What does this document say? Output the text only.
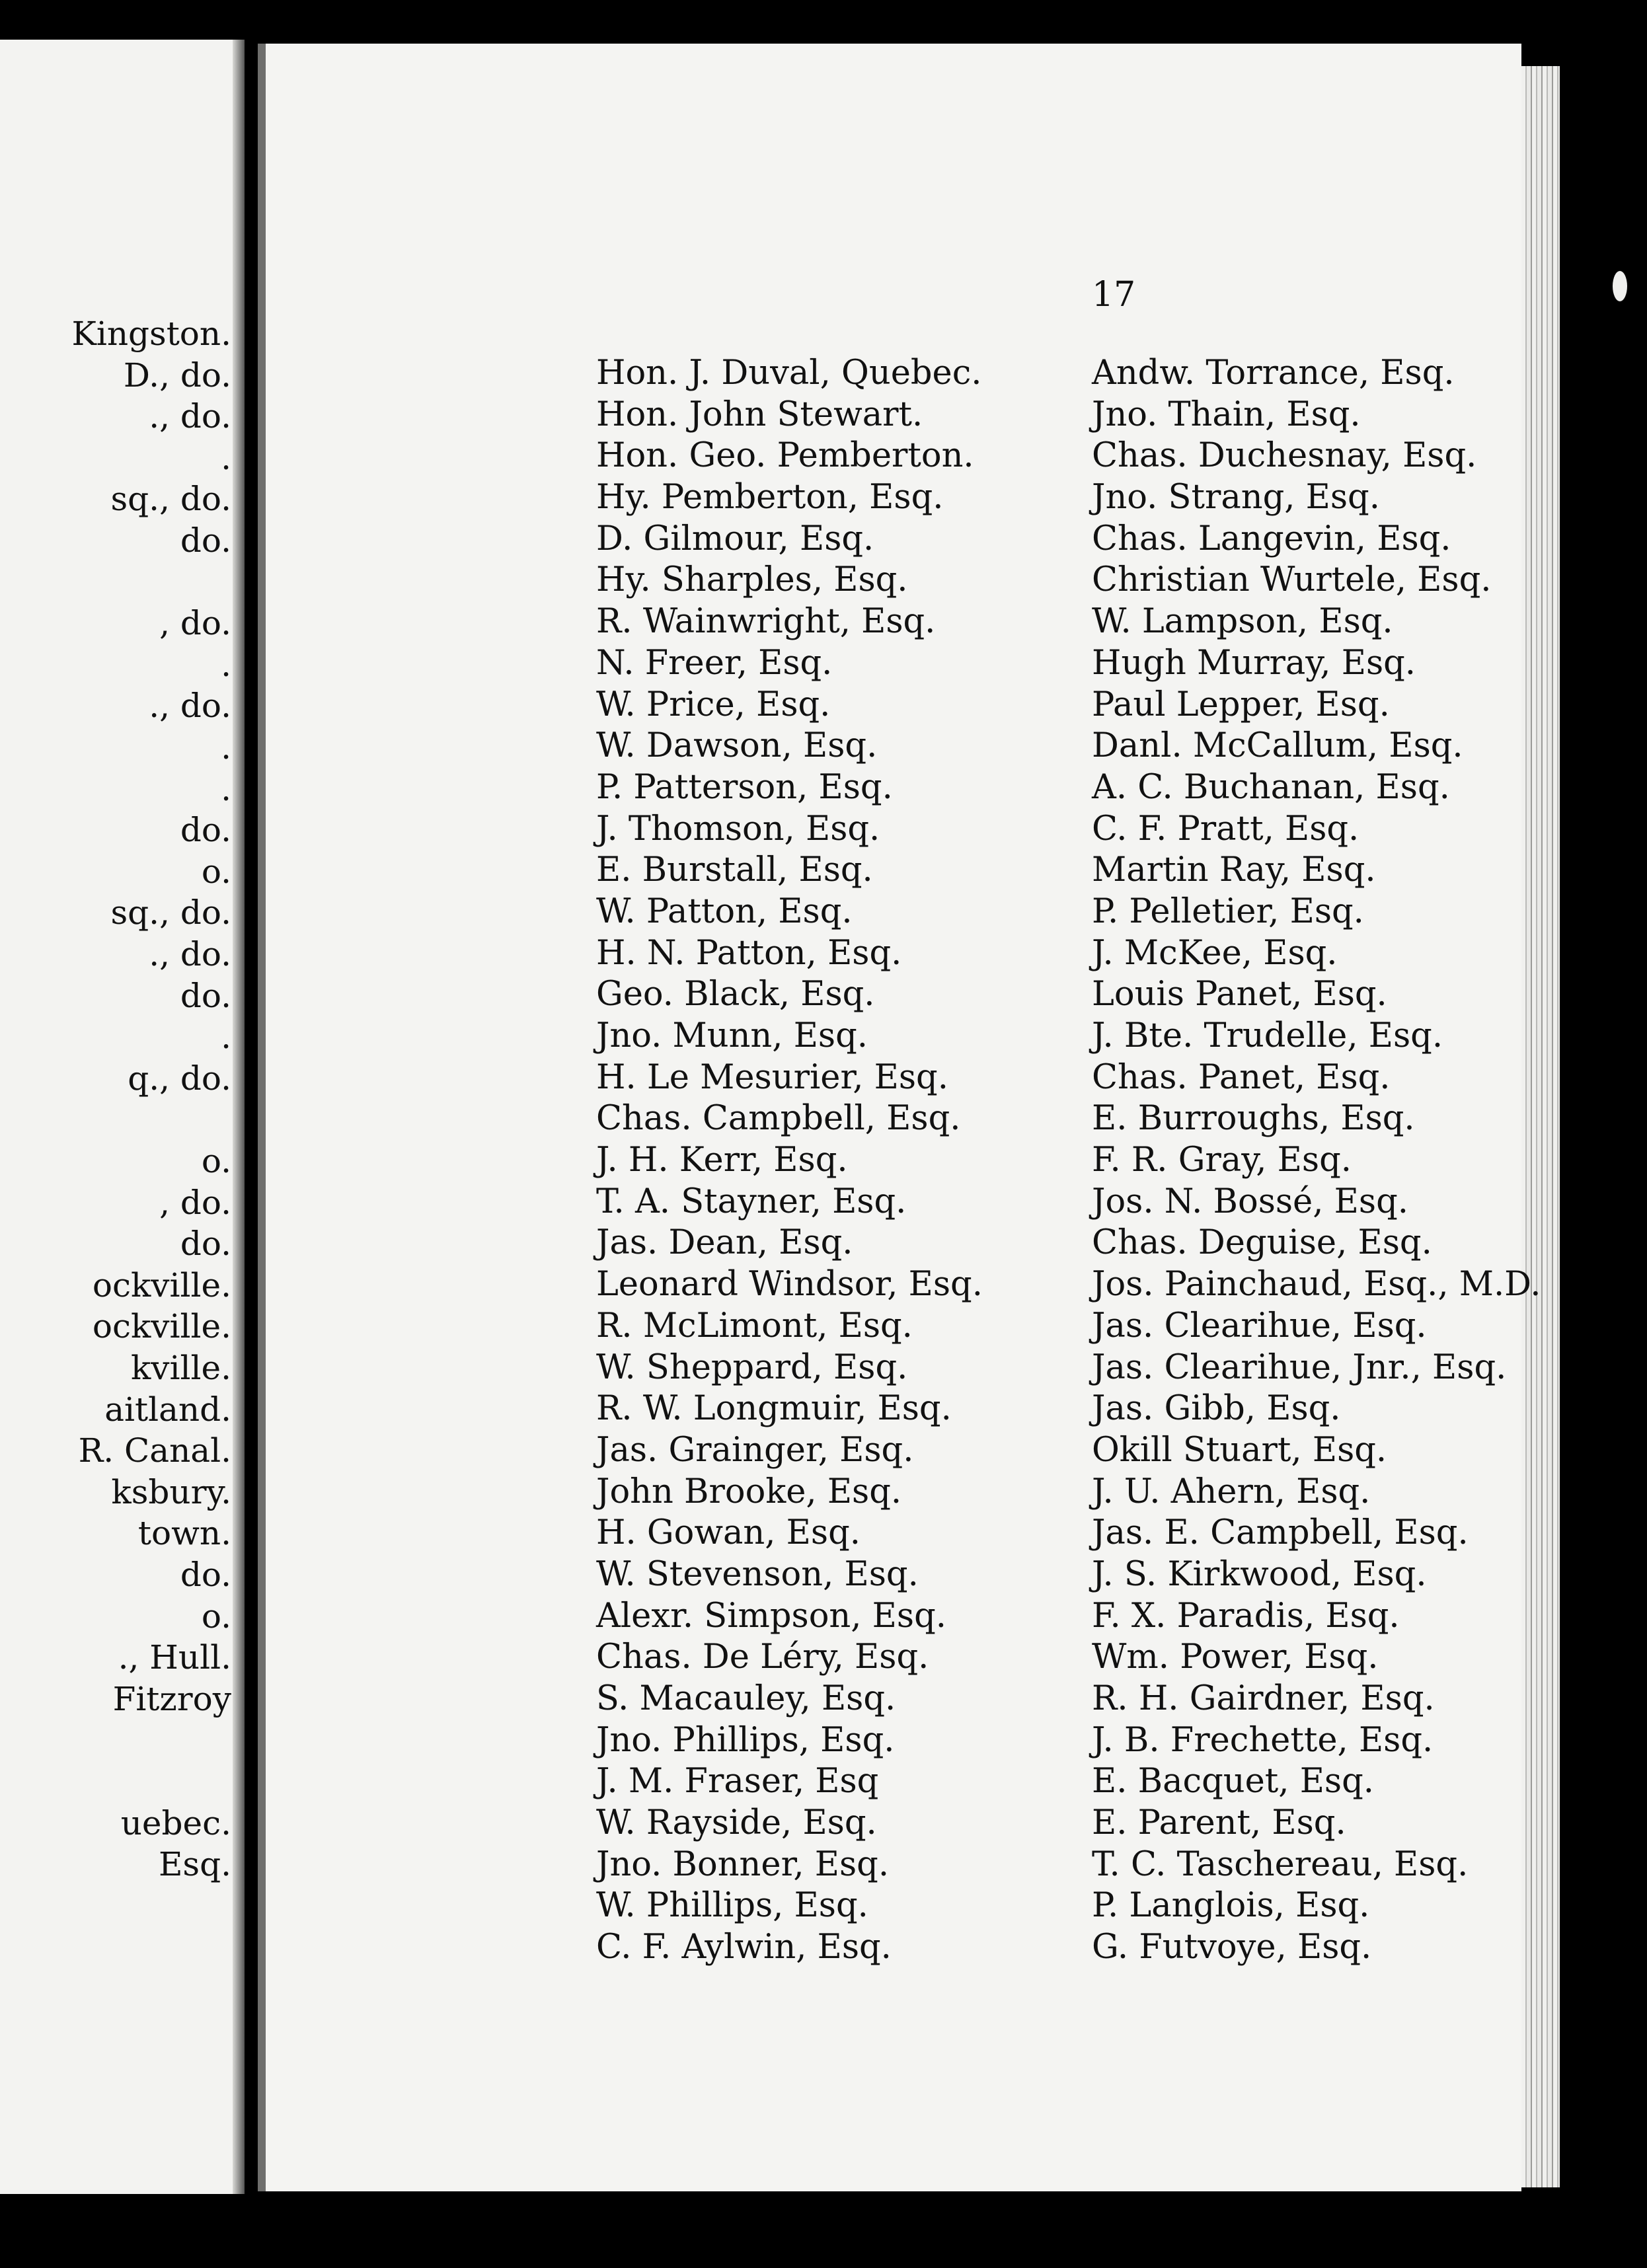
Kingston.
D., do.
., do.
.
sq., do.
do.
, do.
.
., do.
.
.
do.
o.
sq., do.
., do.
do.
.
q., do.
o.
, do.
do.
ockville.
ockville.
kville.
aitland.
R. Canal.
ksbury.
town.
do.
o.
., Hull.
Fitzroy
uebec.
Esq.
17
Hon. J. Duval, Quebec.
Hon. John Stewart.
Hon. Geo. Pemberton.
Hy. Pemberton, Esq.
D. Gilmour, Esq.
Hy. Sharples, Esq.
R. Wainwright, Esq.
N. Freer, Esq.
W. Price, Esq.
W. Dawson, Esq.
P. Patterson, Esq.
J. Thomson, Esq.
E. Burstall, Esq.
W. Patton, Esq.
H. N. Patton, Esq.
Geo. Black, Esq.
Jno. Munn, Esq.
H. Le Mesurier, Esq.
Chas. Campbell, Esq.
J. H. Kerr, Esq.
T. A. Stayner, Esq.
Jas. Dean, Esq.
Leonard Windsor, Esq.
R. McLimont, Esq.
W. Sheppard, Esq.
R. W. Longmuir, Esq.
Jas. Grainger, Esq.
John Brooke, Esq.
H. Gowan, Esq.
W. Stevenson, Esq.
Alexr. Simpson, Esq.
Chas. De Léry, Esq.
S. Macauley, Esq.
Jno. Phillips, Esq.
J. M. Fraser, Esq
W. Rayside, Esq.
Jno. Bonner, Esq.
W. Phillips, Esq.
C. F. Aylwin, Esq.
Andw. Torrance, Esq.
Jno. Thain, Esq.
Chas. Duchesnay, Esq.
Jno. Strang, Esq.
Chas. Langevin, Esq.
Christian Wurtele, Esq.
W. Lampson, Esq.
Hugh Murray, Esq.
Paul Lepper, Esq.
Danl. McCallum, Esq.
A. C. Buchanan, Esq.
C. F. Pratt, Esq.
Martin Ray, Esq.
P. Pelletier, Esq.
J. McKee, Esq.
Louis Panet, Esq.
J. Bte. Trudelle, Esq.
Chas. Panet, Esq.
E. Burroughs, Esq.
F. R. Gray, Esq.
Jos. N. Bossé, Esq.
Chas. Deguise, Esq.
Jos. Painchaud, Esq., M.D.
Jas. Clearihue, Esq.
Jas. Clearihue, Jnr., Esq.
Jas. Gibb, Esq.
Okill Stuart, Esq.
J. U. Ahern, Esq.
Jas. E. Campbell, Esq.
J. S. Kirkwood, Esq.
F. X. Paradis, Esq.
Wm. Power, Esq.
R. H. Gairdner, Esq.
J. B. Frechette, Esq.
E. Bacquet, Esq.
E. Parent, Esq.
T. C. Taschereau, Esq.
P. Langlois, Esq.
G. Futvoye, Esq.
